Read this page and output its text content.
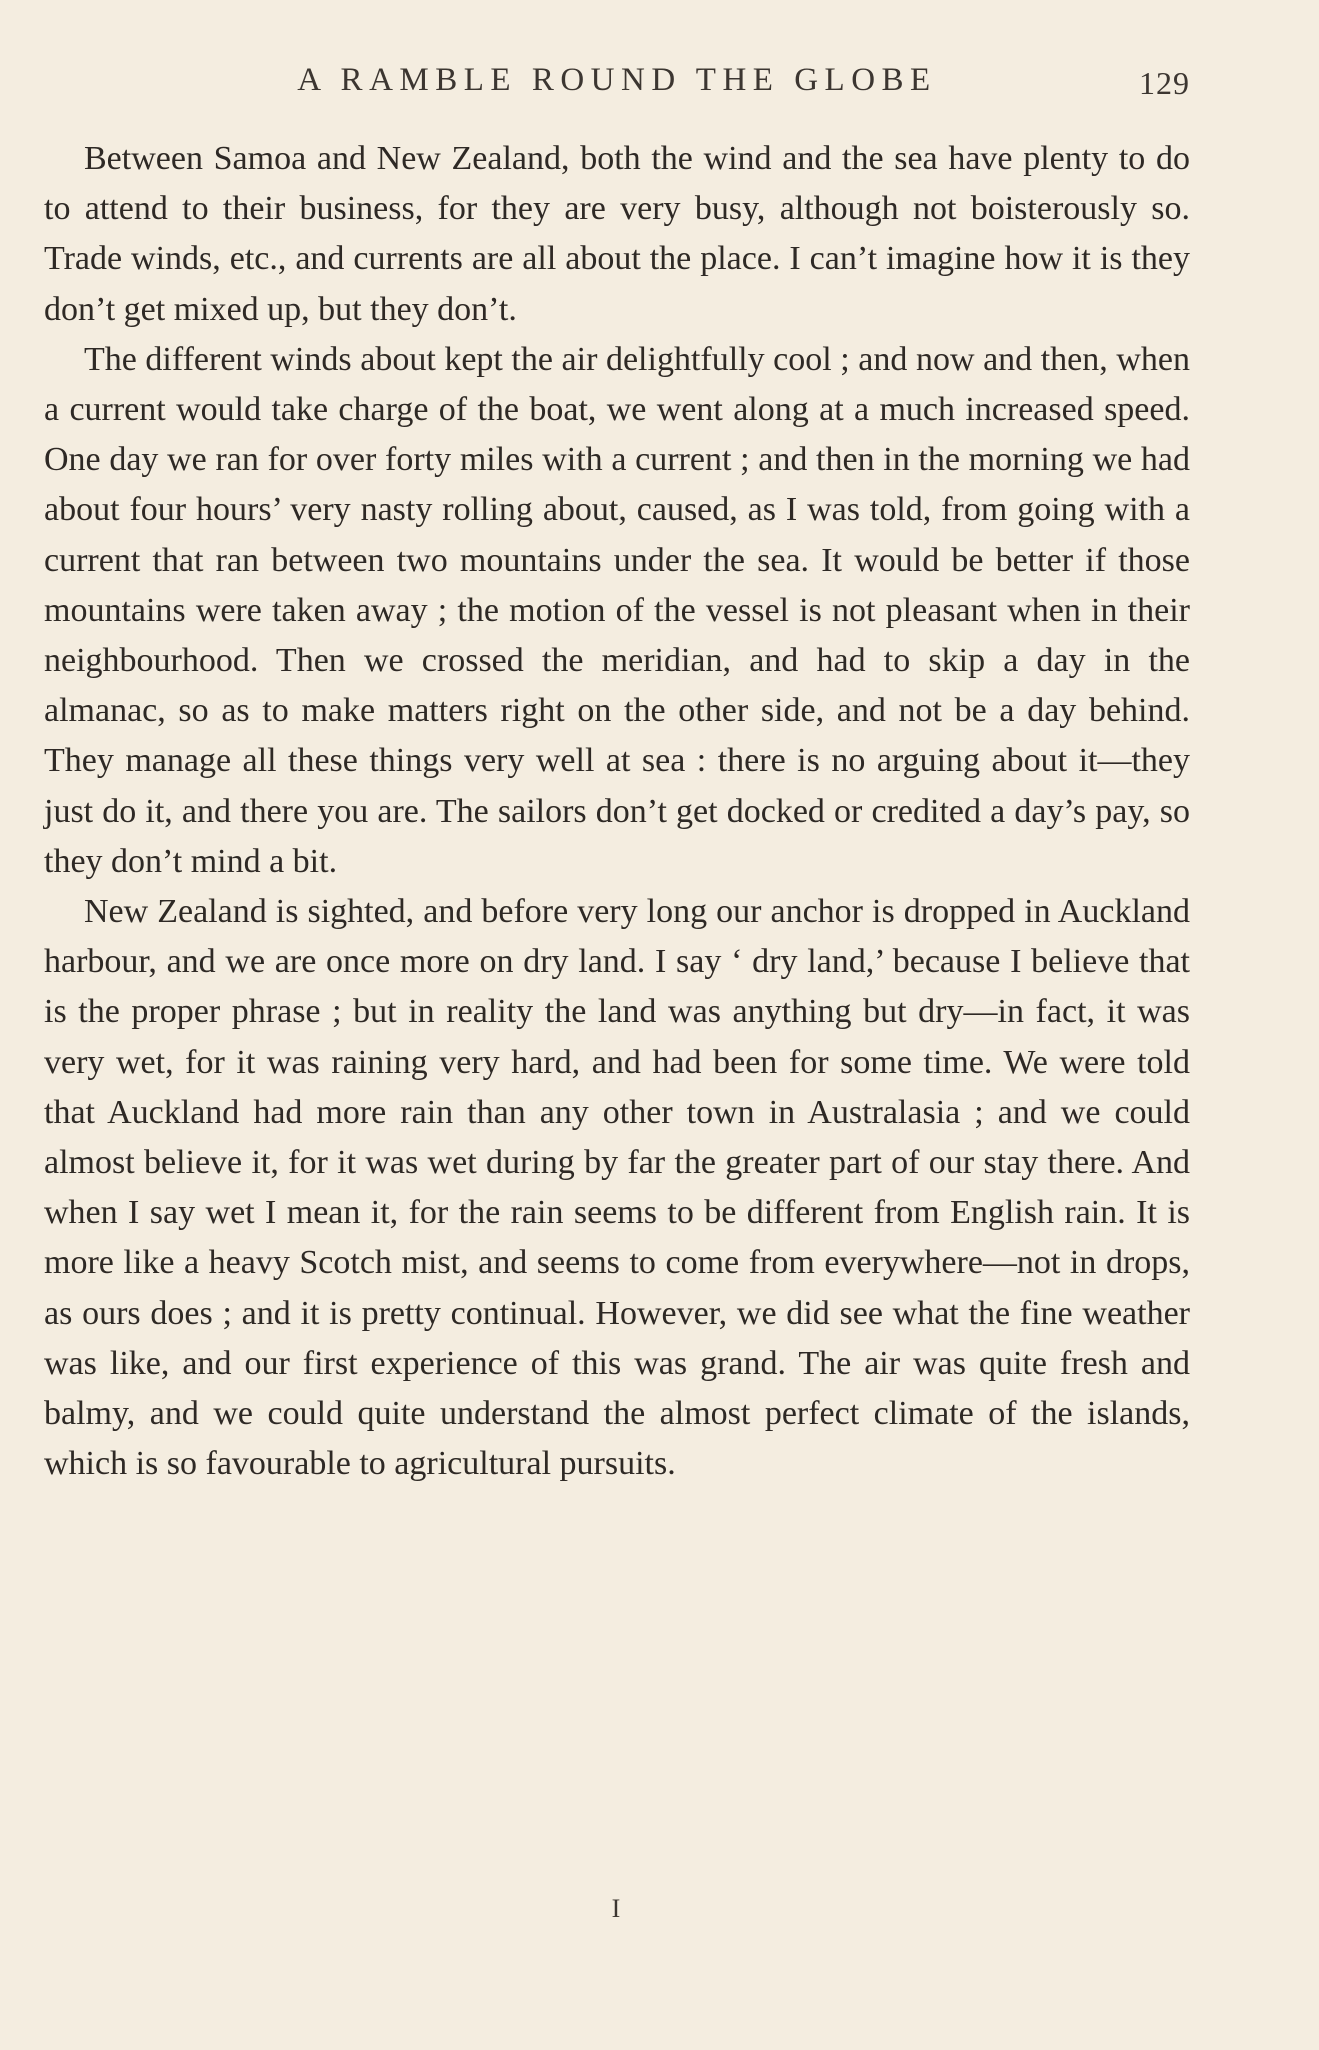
A RAMBLE ROUND THE GLOBE	129

Between Samoa and New Zealand, both the wind and the sea have plenty to do to attend to their business, for they are very busy, although not boisterously so. Trade winds, etc., and currents are all about the place. I can’t imagine how it is they don’t get mixed up, but they don’t.

The different winds about kept the air delightfully cool ; and now and then, when a current would take charge of the boat, we went along at a much increased speed. One day we ran for over forty miles with a current ; and then in the morning we had about four hours’ very nasty rolling about, caused, as I was told, from going with a current that ran between two mountains under the sea. It would be better if those mountains were taken away ; the motion of the vessel is not pleasant when in their neighbourhood. Then we crossed the meridian, and had to skip a day in the almanac, so as to make matters right on the other side, and not be a day behind. They manage all these things very well at sea : there is no arguing about it—they just do it, and there you are. The sailors don’t get docked or credited a day’s pay, so they don’t mind a bit.

New Zealand is sighted, and before very long our anchor is dropped in Auckland harbour, and we are once more on dry land. I say ‘ dry land,’ because I believe that is the proper phrase ; but in reality the land was anything but dry—in fact, it was very wet, for it was raining very hard, and had been for some time. We were told that Auckland had more rain than any other town in Australasia ; and we could almost believe it, for it was wet during by far the greater part of our stay there. And when I say wet I mean it, for the rain seems to be different from English rain. It is more like a heavy Scotch mist, and seems to come from everywhere—not in drops, as ours does ; and it is pretty continual. However, we did see what the fine weather was like, and our first experience of this was grand. The air was quite fresh and balmy, and we could quite understand the almost perfect climate of the islands, which is so favourable to agricultural pursuits.

I
